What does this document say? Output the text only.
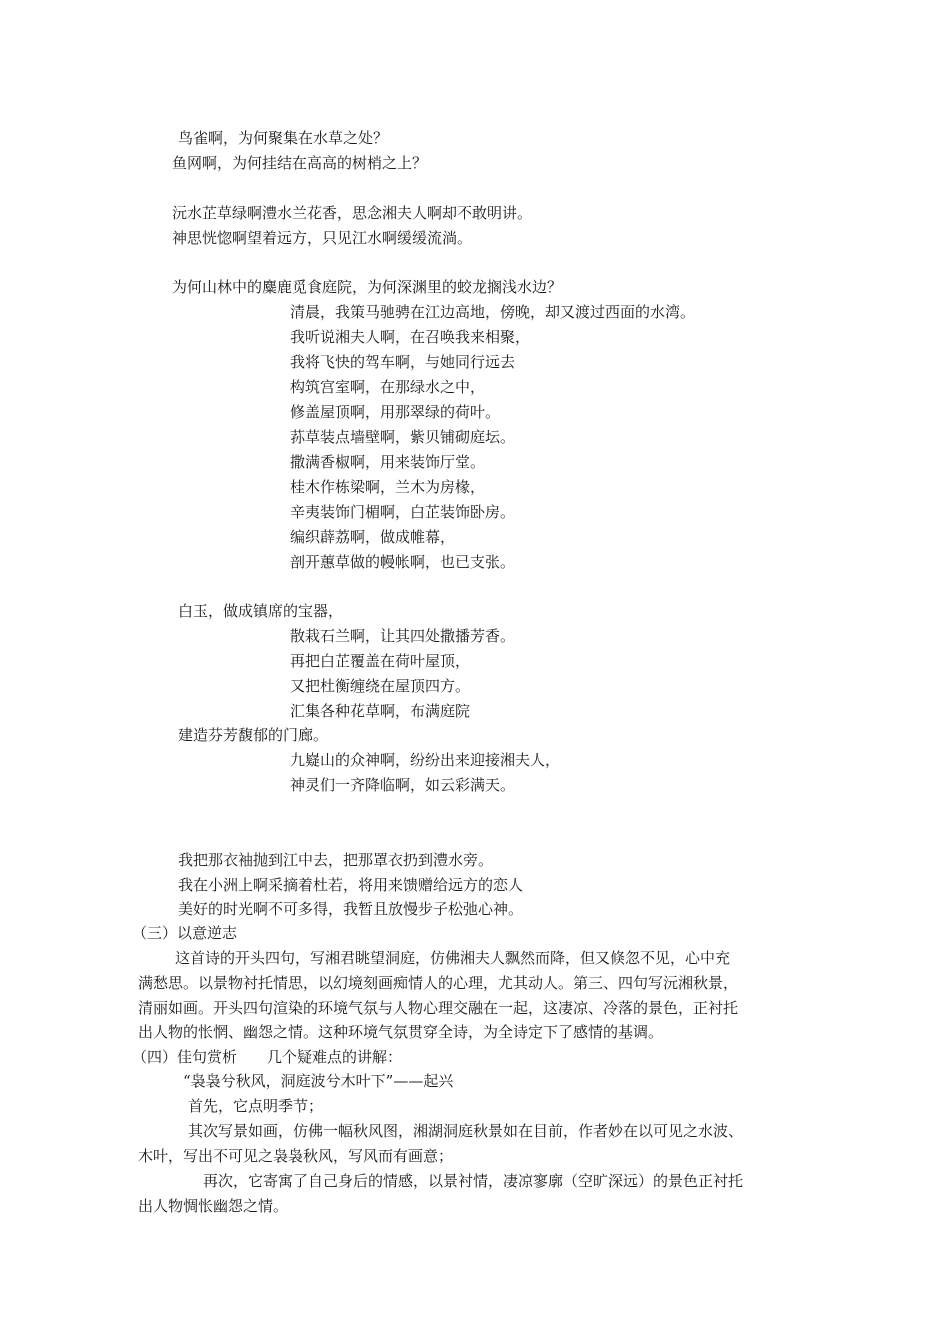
鸟雀啊，为何聚集在水草之处？
鱼网啊，为何挂结在高高的树梢之上？
沅水芷草绿啊澧水兰花香，思念湘夫人啊却不敢明讲。
神思恍惚啊望着远方，只见江水啊缓缓流淌。
为何山林中的麋鹿觅食庭院，为何深渊里的蛟龙搁浅水边？
清晨，我策马驰骋在江边高地，傍晚，却又渡过西面的水湾。
我听说湘夫人啊，在召唤我来相聚，
我将飞快的驾车啊，与她同行远去
构筑宫室啊，在那绿水之中，
修盖屋顶啊，用那翠绿的荷叶。
荪草装点墙壁啊，紫贝铺砌庭坛。
撒满香椒啊，用来装饰厅堂。
桂木作栋梁啊，兰木为房椽，
辛夷装饰门楣啊，白芷装饰卧房。
编织薜荔啊，做成帷幕，
剖开蕙草做的幔帐啊，也已支张。
白玉，做成镇席的宝器，
散栽石兰啊，让其四处撒播芳香。
再把白芷覆盖在荷叶屋顶，
又把杜衡缠绕在屋顶四方。
汇集各种花草啊，布满庭院
建造芬芳馥郁的门廊。
九嶷山的众神啊，纷纷出来迎接湘夫人，
神灵们一齐降临啊，如云彩满天。
我把那衣袖抛到江中去，把那罩衣扔到澧水旁。
我在小洲上啊采摘着杜若，将用来馈赠给远方的恋人
美好的时光啊不可多得，我暂且放慢步子松弛心神。
（三）以意逆志
这首诗的开头四句，写湘君眺望洞庭，仿佛湘夫人飘然而降，但又倏忽不见，心中充
满愁思。以景物衬托情思，以幻境刻画痴情人的心理，尤其动人。第三、四句写沅湘秋景，
清丽如画。开头四句渲染的环境气氛与人物心理交融在一起，这凄凉、冷落的景色，正衬托
出人物的怅惘、幽怨之情。这种环境气氛贯穿全诗，为全诗定下了感情的基调。
（四）佳句赏析　　几个疑难点的讲解：
“袅袅兮秋风，洞庭波兮木叶下”——起兴
首先，它点明季节；
其次写景如画，仿佛一幅秋风图，湘湖洞庭秋景如在目前，作者妙在以可见之水波、
木叶，写出不可见之袅袅秋风，写风而有画意；
再次，它寄寓了自己身后的情感，以景衬情，凄凉寥廓（空旷深远）的景色正衬托
出人物惆怅幽怨之情。
